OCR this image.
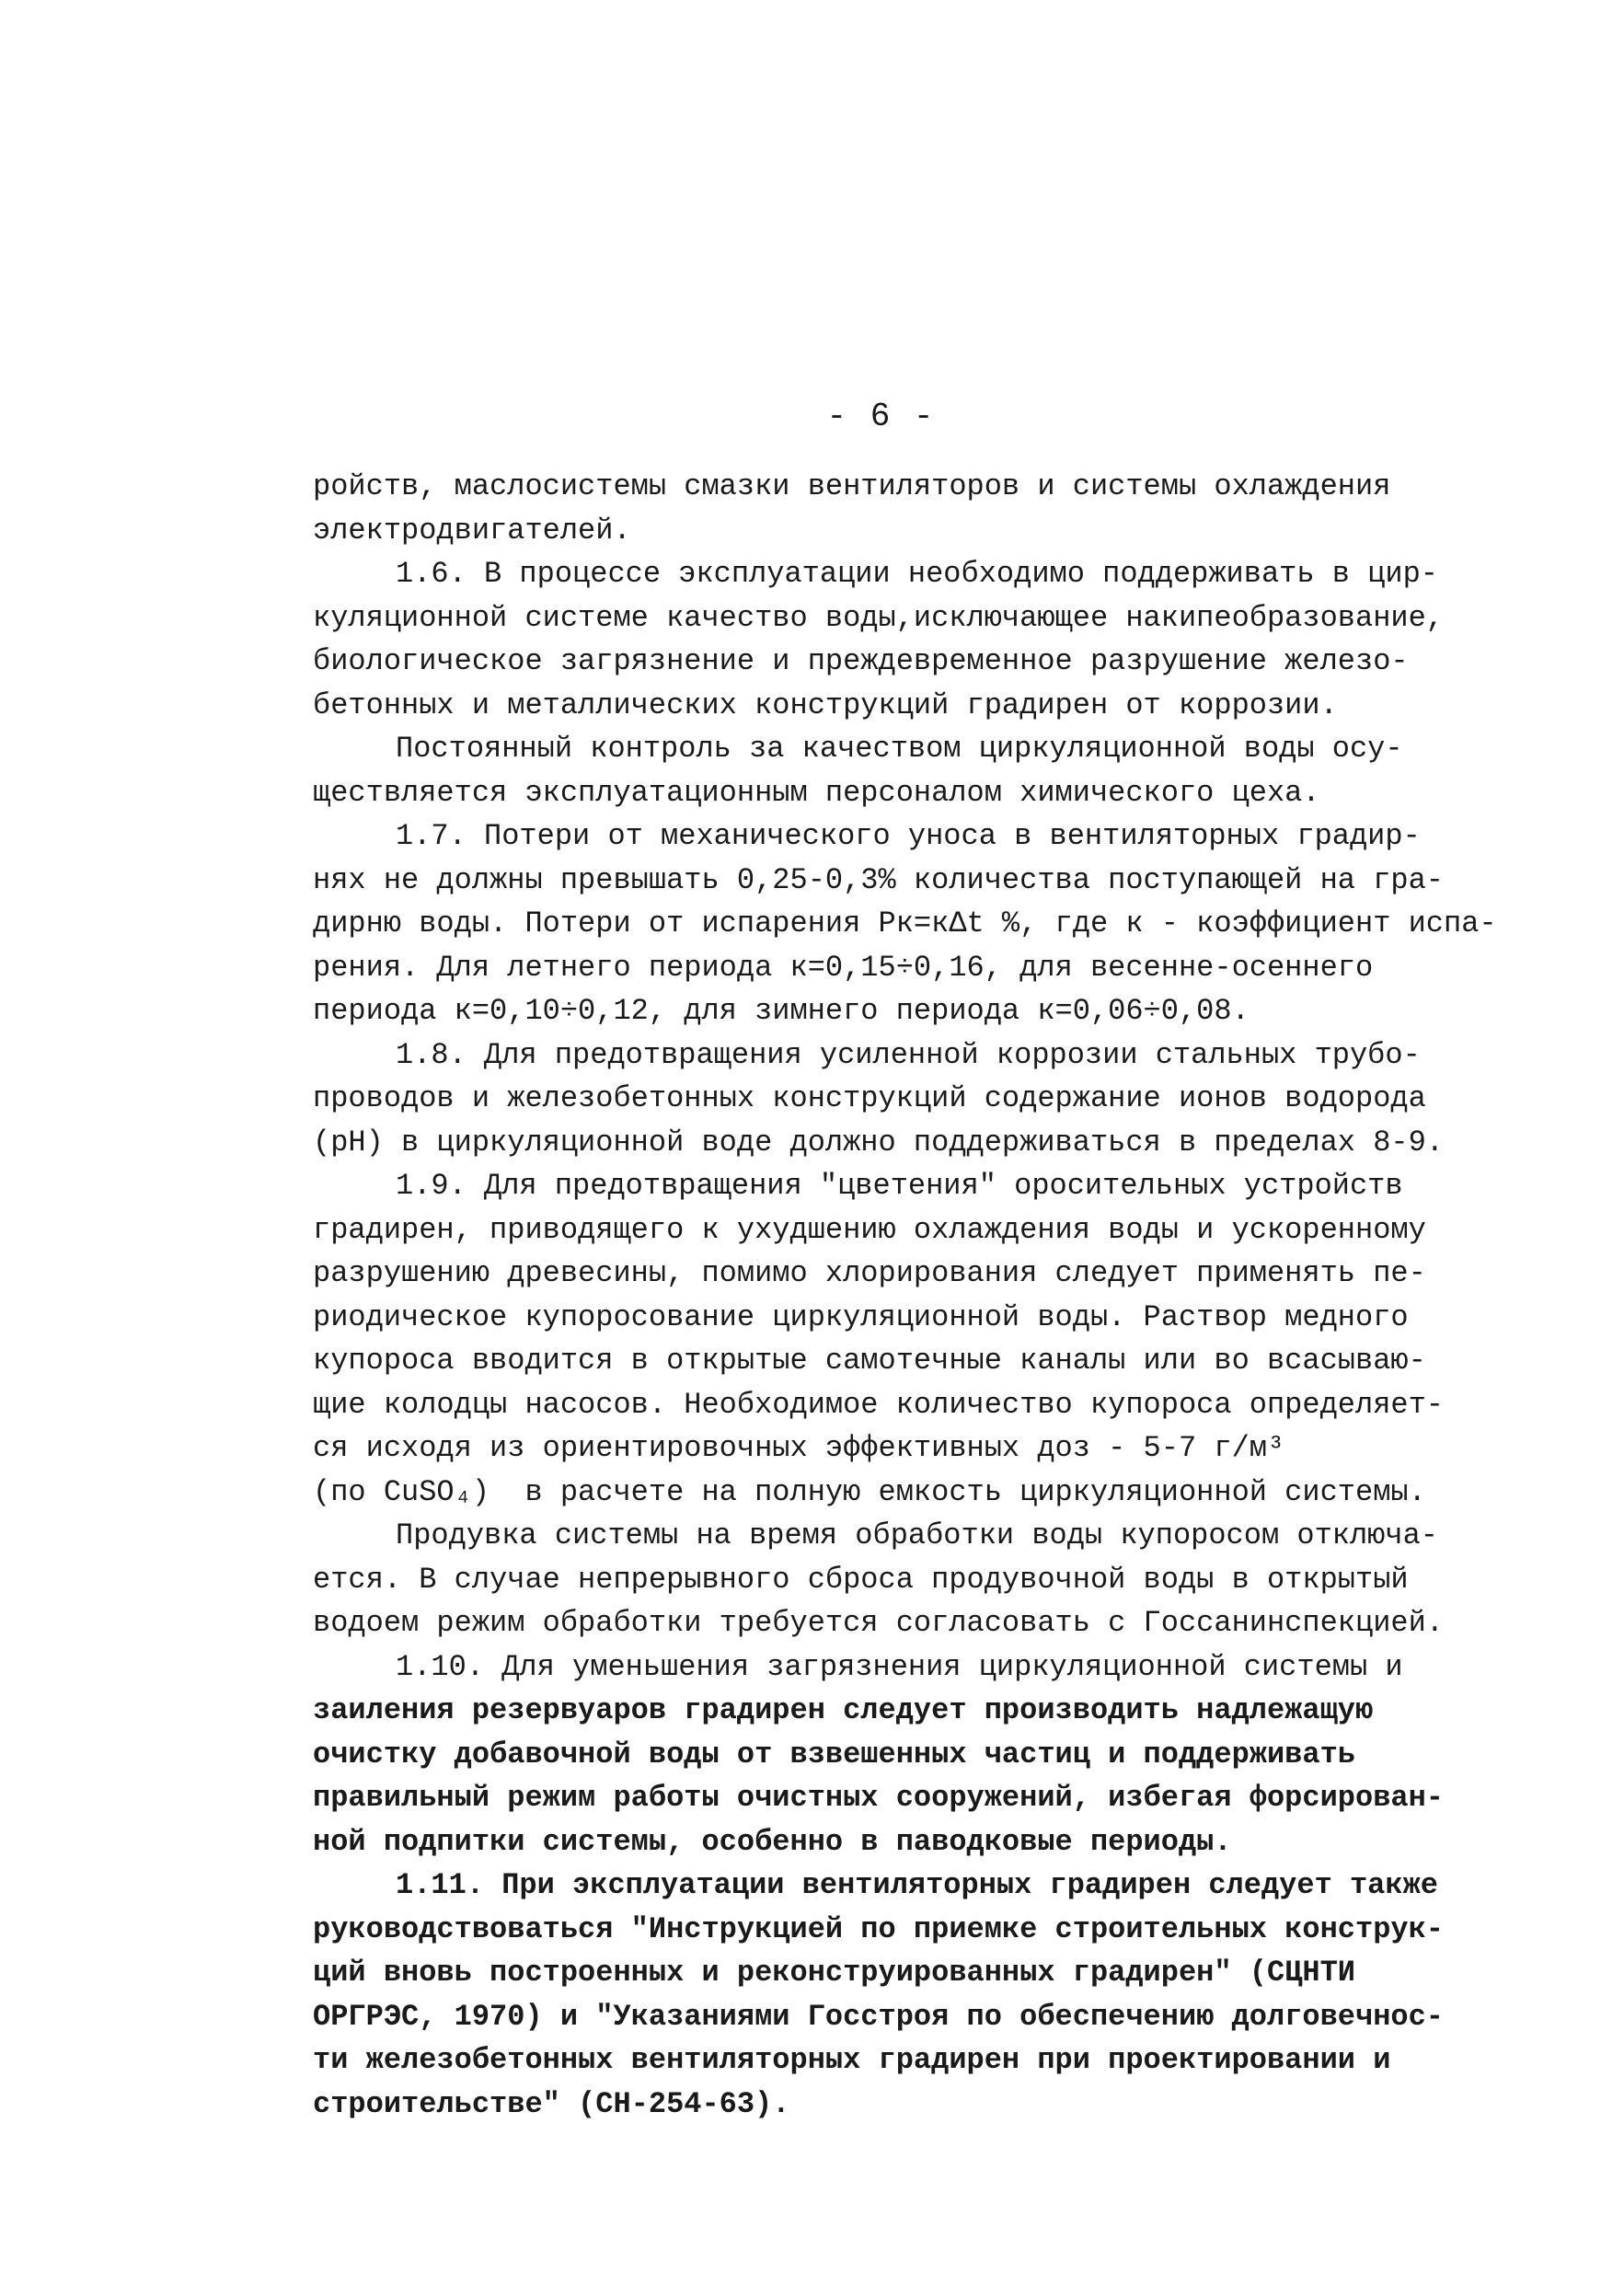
- 6 -
ройств, маслосистемы смазки вентиляторов и системы охлаждения
электродвигателей.
1.6. В процессе эксплуатации необходимо поддерживать в цир-
куляционной системе качество воды,исключающее накипеобразование,
биологическое загрязнение и преждевременное разрушение железо-
бетонных и металлических конструкций градирен от коррозии.
Постоянный контроль за качеством циркуляционной воды осу-
ществляется эксплуатационным персоналом химического цеха.
1.7. Потери от механического уноса в вентиляторных градир-
нях не должны превышать 0,25-0,3% количества поступающей на гра-
дирню воды. Потери от испарения Pк=кΔt %, где к - коэффициент испа-
рения. Для летнего периода к=0,15÷0,16, для весенне-осеннего
периода к=0,10÷0,12, для зимнего периода к=0,06÷0,08.
1.8. Для предотвращения усиленной коррозии стальных трубо-
проводов и железобетонных конструкций содержание ионов водорода
(рН) в циркуляционной воде должно поддерживаться в пределах 8-9.
1.9. Для предотвращения "цветения" оросительных устройств
градирен, приводящего к ухудшению охлаждения воды и ускоренному
разрушению древесины, помимо хлорирования следует применять пе-
риодическое купоросование циркуляционной воды. Раствор медного
купороса вводится в открытые самотечные каналы или во всасываю-
щие колодцы насосов. Необходимое количество купороса определяет-
ся исходя из ориентировочных эффективных доз - 5-7 г/м³
(по CuSO₄)  в расчете на полную емкость циркуляционной системы.
Продувка системы на время обработки воды купоросом отключа-
ется. В случае непрерывного сброса продувочной воды в открытый
водоем режим обработки требуется согласовать с Госсанинспекцией.
1.10. Для уменьшения загрязнения циркуляционной системы и
заиления резервуаров градирен следует производить надлежащую
очистку добавочной воды от взвешенных частиц и поддерживать
правильный режим работы очистных сооружений, избегая форсирован-
ной подпитки системы, особенно в паводковые периоды.
1.11. При эксплуатации вентиляторных градирен следует также
руководствоваться "Инструкцией по приемке строительных конструк-
ций вновь построенных и реконструированных градирен" (СЦНТИ
ОРГРЭС, 1970) и "Указаниями Госстроя по обеспечению долговечнос-
ти железобетонных вентиляторных градирен при проектировании и
строительстве" (СН-254-63).
